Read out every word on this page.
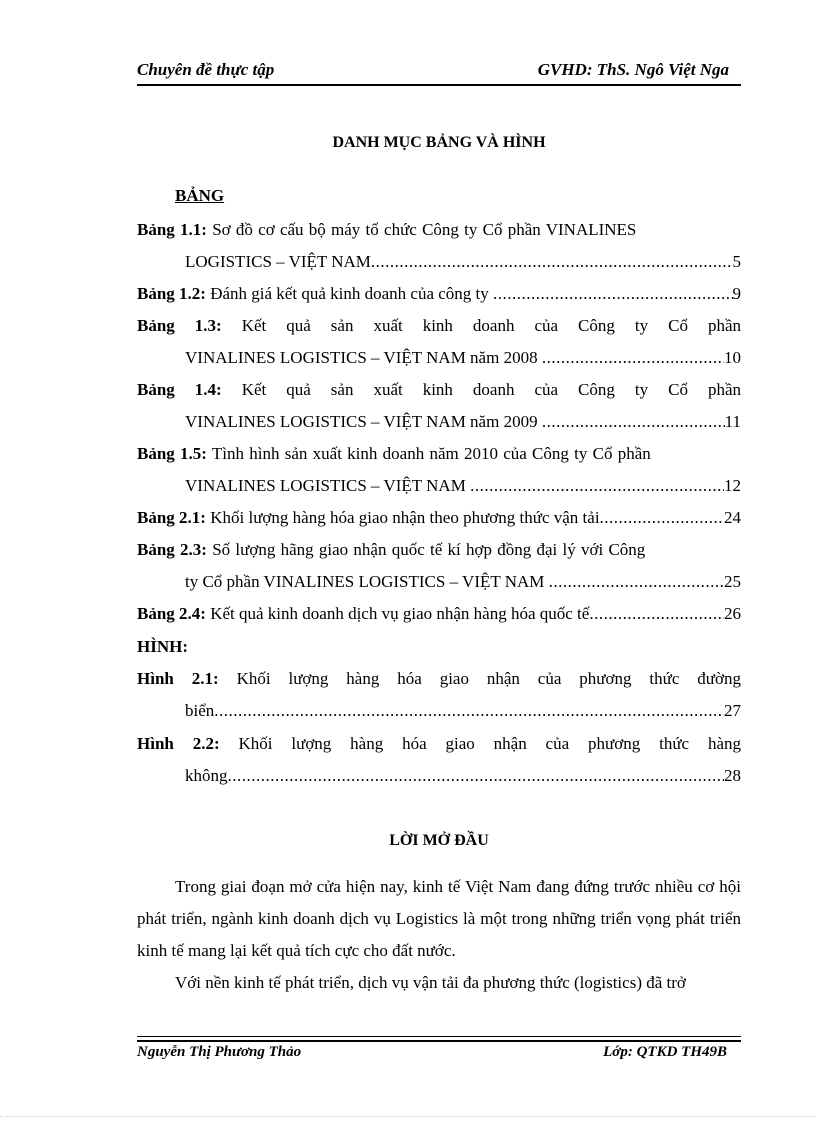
Chuyên đề thực tập	GVHD: ThS. Ngô Việt Nga
DANH MỤC BẢNG VÀ HÌNH
BẢNG
Bảng 1.1: Sơ đồ cơ cấu bộ máy tổ chức Công ty Cổ phần VINALINES
LOGISTICS – VIỆT NAM .....	5
Bảng 1.2: Đánh giá kết quả kinh doanh của công ty .....	9
Bảng 1.3: Kết quả sản xuất kinh doanh của Công ty Cổ phần
VINALINES LOGISTICS – VIỆT NAM năm 2008 .....	10
Bảng 1.4: Kết quả sản xuất kinh doanh của Công ty Cổ phần
VINALINES LOGISTICS – VIỆT NAM năm 2009 .....	11
Bảng 1.5: Tình hình sản xuất kinh doanh năm 2010 của Công ty Cổ phần
VINALINES LOGISTICS – VIỆT NAM .....	12
Bảng 2.1: Khối lượng hàng hóa giao nhận theo phương thức vận tải .....	24
Bảng 2.3: Số lượng hãng giao nhận quốc tế kí hợp đồng đại lý với Công
ty Cổ phần VINALINES LOGISTICS – VIỆT NAM .....	25
Bảng 2.4: Kết quả kinh doanh dịch vụ giao nhận hàng hóa quốc tế .....	26
HÌNH:
Hình 2.1: Khối lượng hàng hóa giao nhận của phương thức đường
biển .....	27
Hình 2.2: Khối lượng hàng hóa giao nhận của phương thức hàng
không .....	28
LỜI MỞ ĐẦU
Trong giai đoạn mở cửa hiện nay, kinh tế Việt Nam đang đứng trước nhiều cơ hội phát triển, ngành kinh doanh dịch vụ Logistics là một trong những triển vọng phát triển kinh tế mang lại kết quả tích cực cho đất nước.
Với nền kinh tế phát triển, dịch vụ vận tải đa phương thức (logistics) đã trở
Nguyễn Thị Phương Thảo	Lớp: QTKD TH49B
